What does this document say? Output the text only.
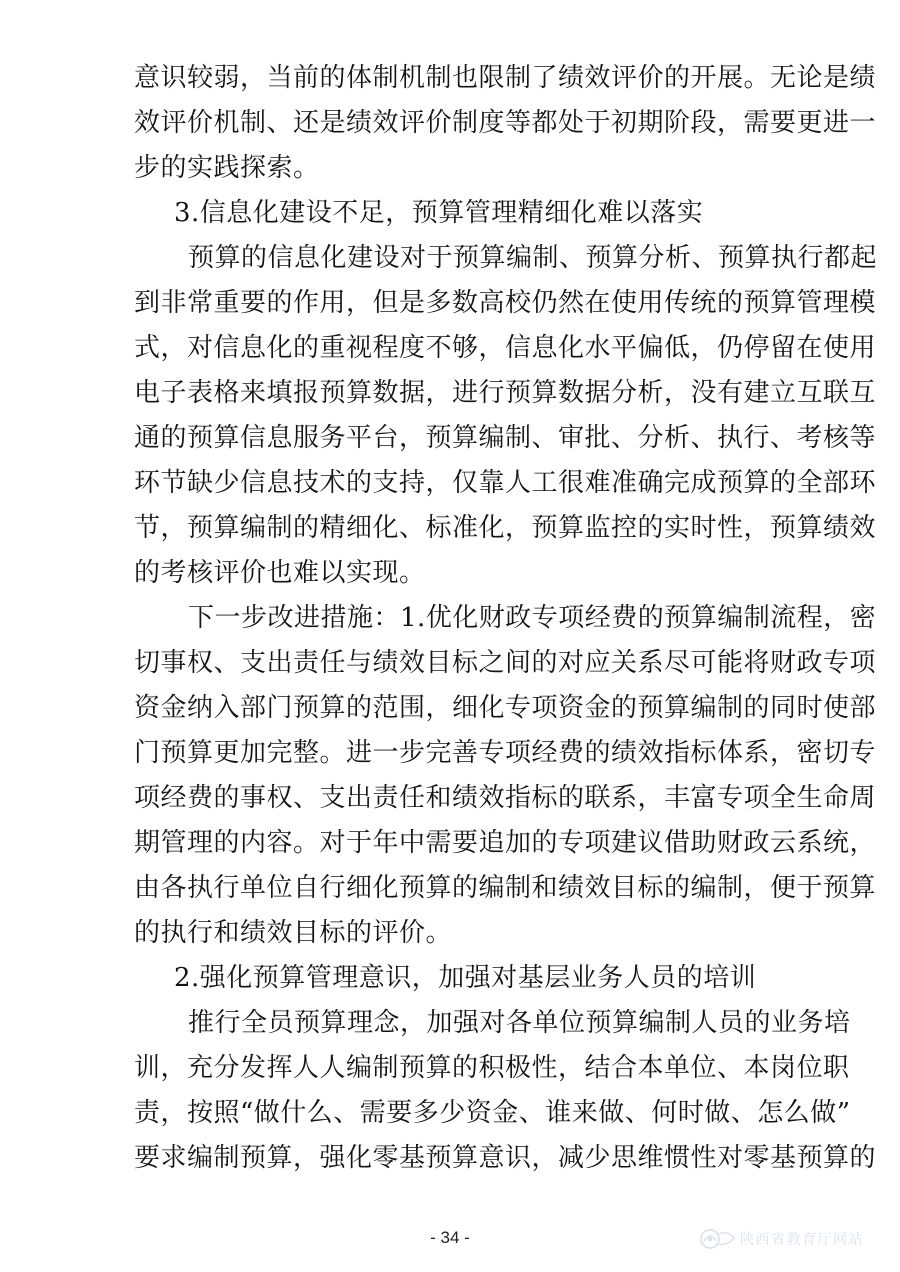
意识较弱，当前的体制机制也限制了绩效评价的开展。无论是绩
效评价机制、还是绩效评价制度等都处于初期阶段，需要更进一
步的实践探索。
3.信息化建设不足，预算管理精细化难以落实
预算的信息化建设对于预算编制、预算分析、预算执行都起
到非常重要的作用，但是多数高校仍然在使用传统的预算管理模
式，对信息化的重视程度不够，信息化水平偏低，仍停留在使用
电子表格来填报预算数据，进行预算数据分析，没有建立互联互
通的预算信息服务平台，预算编制、审批、分析、执行、考核等
环节缺少信息技术的支持，仅靠人工很难准确完成预算的全部环
节，预算编制的精细化、标准化，预算监控的实时性，预算绩效
的考核评价也难以实现。
下一步改进措施：1.优化财政专项经费的预算编制流程，密
切事权、支出责任与绩效目标之间的对应关系尽可能将财政专项
资金纳入部门预算的范围，细化专项资金的预算编制的同时使部
门预算更加完整。进一步完善专项经费的绩效指标体系，密切专
项经费的事权、支出责任和绩效指标的联系，丰富专项全生命周
期管理的内容。对于年中需要追加的专项建议借助财政云系统，
由各执行单位自行细化预算的编制和绩效目标的编制，便于预算
的执行和绩效目标的评价。
2.强化预算管理意识，加强对基层业务人员的培训
推行全员预算理念，加强对各单位预算编制人员的业务培
训，充分发挥人人编制预算的积极性，结合本单位、本岗位职
责，按照“做什么、需要多少资金、谁来做、何时做、怎么做”
要求编制预算，强化零基预算意识，减少思维惯性对零基预算的
- 34 -	陕西省教育厅网站
